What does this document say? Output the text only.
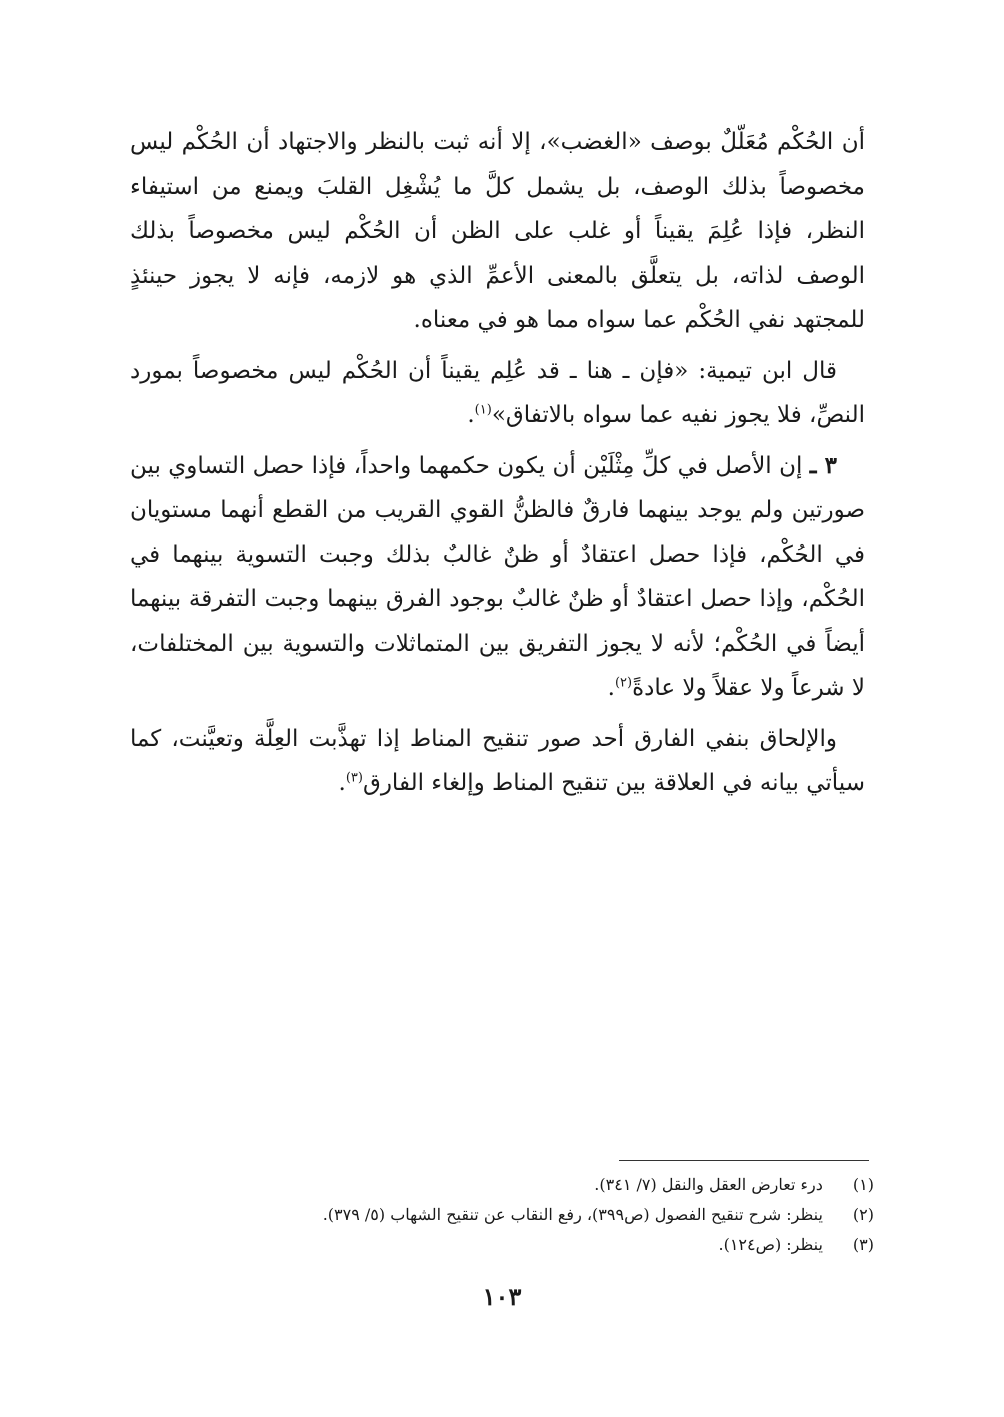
أن الحُكْم مُعَلّلٌ بوصف «الغضب»، إلا أنه ثبت بالنظر والاجتهاد أن الحُكْم ليس مخصوصاً بذلك الوصف، بل يشمل كلَّ ما يُشْغِل القلبَ ويمنع من استيفاء النظر، فإذا عُلِمَ يقيناً أو غلب على الظن أن الحُكْم ليس مخصوصاً بذلك الوصف لذاته، بل يتعلَّق بالمعنى الأعمِّ الذي هو لازمه، فإنه لا يجوز حينئذٍ للمجتهد نفي الحُكْم عما سواه مما هو في معناه.

قال ابن تيمية: «فإن ـ هنا ـ قد عُلِم يقيناً أن الحُكْم ليس مخصوصاً بمورد النصِّ، فلا يجوز نفيه عما سواه بالاتفاق»$^{(١)}$.

٣ ـ إن الأصل في كلِّ مِثْلَيْن أن يكون حكمهما واحداً، فإذا حصل التساوي بين صورتين ولم يوجد بينهما فارقٌ فالظنُّ القوي القريب من القطع أنهما مستويان في الحُكْم، فإذا حصل اعتقادٌ أو ظنٌ غالبٌ بذلك وجبت التسوية بينهما في الحُكْم، وإذا حصل اعتقادٌ أو ظنٌ غالبٌ بوجود الفرق بينهما وجبت التفرقة بينهما أيضاً في الحُكْم؛ لأنه لا يجوز التفريق بين المتماثلات والتسوية بين المختلفات، لا شرعاً ولا عقلاً ولا عادةً$^{(٢)}$.

والإلحاق بنفي الفارق أحد صور تنقيح المناط إذا تهذَّبت العِلَّة وتعيَّنت، كما سيأتي بيانه في العلاقة بين تنقيح المناط وإلغاء الفارق$^{(٣)}$.

(١) درء تعارض العقل والنقل (٧/ ٣٤١).
(٢) ينظر: شرح تنقيح الفصول (ص٣٩٩)، رفع النقاب عن تنقيح الشهاب (٥/ ٣٧٩).
(٣) ينظر: (ص١٢٤).
١٠٣
